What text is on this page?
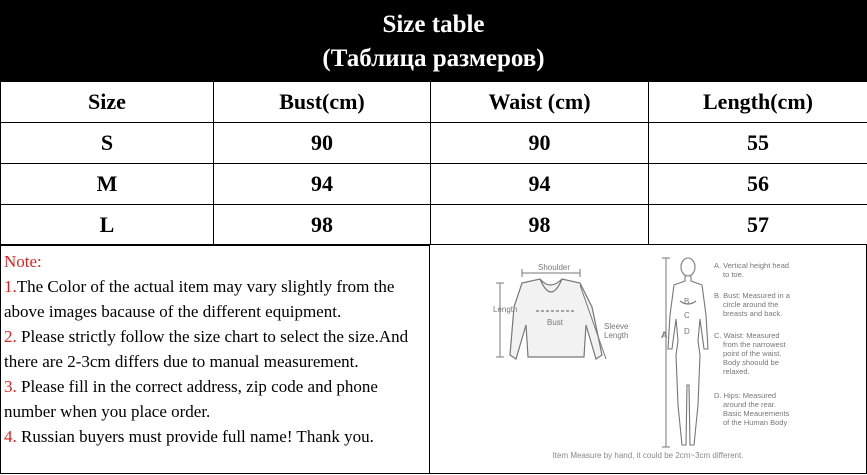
Size table
(Таблица размеров)
Size	Bust(cm)	Waist (cm)	Length(cm)
S	90	90	55
M	94	94	56
L	98	98	57
Note:
1.The Color of the actual item may vary slightly from the above images bacause of the different equipment.
2. Please strictly follow the size chart to select the size.And there are 2-3cm differs due to manual measurement.
3. Please fill in the correct address, zip code and phone number when you place order.
4. Russian buyers must provide full name! Thank you.
Shoulder
Length
Bust	Sleeve
Length	A
B
C
D
A. Vertical height head
to toe.
B. Bust: Measured in a
circle around the
breasts and back.
C. Waist: Measured
from the narrowest
point of the waist.
Body shoould be
relaxed.
D. Hips: Measured
around the rear.
Basic Meaurements
of the Human Body
Item Measure by hand, it could be 2cm~3cm different.
